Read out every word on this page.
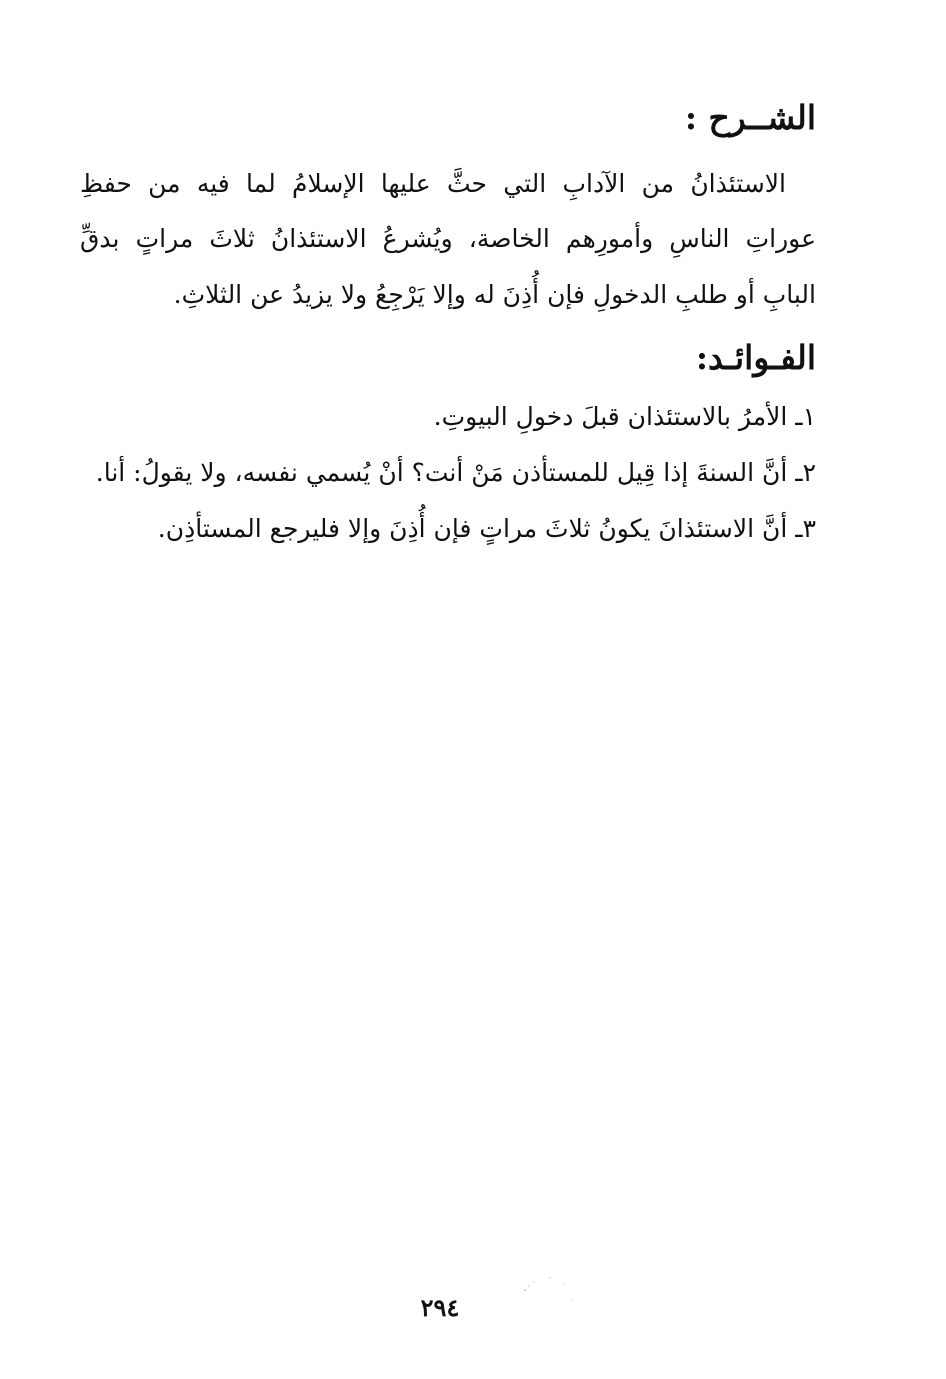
الشــرح :
الاستئذانُ من الآدابِ التي حثَّ عليها الإسلامُ لما فيه من حفظِ
عوراتِ الناسِ وأمورِهم الخاصة، ويُشرعُ الاستئذانُ ثلاثَ مراتٍ بدقِّ
البابِ أو طلبِ الدخولِ فإن أُذِنَ له وإلا يَرْجِعُ ولا يزيدُ عن الثلاثِ.
الفـوائـد:
١ـ الأمرُ بالاستئذان قبلَ دخولِ البيوتِ.
٢ـ أنَّ السنةَ إذا قِيل للمستأذن مَنْ أنت؟ أنْ يُسمي نفسه، ولا يقولُ: أنا.
٣ـ أنَّ الاستئذانَ يكونُ ثلاثَ مراتٍ فإن أُذِنَ وإلا فليرجع المستأذِن.
٢٩٤
